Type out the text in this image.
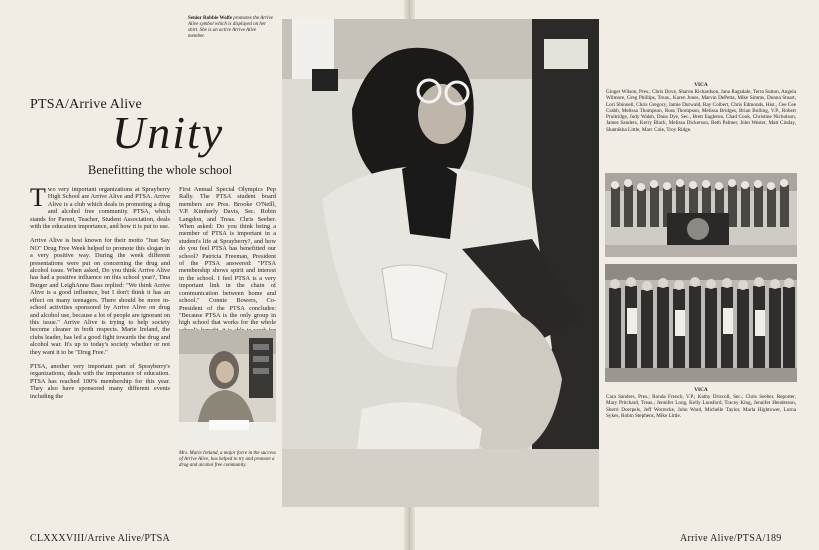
PTSA/Arrive Alive
Unity
Benefitting the whole school

Two very important organizations at Sprayberry High School are Arrive Alive and PTSA. Arrive Alive is a club which deals in promoting a drug and alcohol free community. PTSA, which stands for Parent, Teacher, Student Association, deals with the education importance, and how it is put to use.

Arrive Alive is best known for their motto "Just Say NO" Drug Free Week helped to promote this slogan in a very positive way. During the week different presentations were put on concerning the drug and alcohol issue. When asked, Do you think Arrive Alive has had a positive influence on this school year?, Tina Burger and LeighAnne Bass replied: "We think Arrive Alive is a good influence, but I don't think it has an effect on many teenagers. There should be more in-school activities sponsored by Arrive Alive on drug and alcohol use, because a lot of people are ignorant on this issue." Arrive Alive is trying to help society become cleaner in both respects. Marie Ireland, the clubs leader, has led a good fight towards the drug and alcohol war. It's up to today's society whether or not they want it to be "Drug Free."

PTSA, another very important part of Sprayberry's organizations, deals with the importance of education. PTSA has reached 100% membership for this year. They also have sponsored many different events including the

First Annual Special Olympics Pep Rally. The PTSA student board members are Pres. Brooke O'Neill, V.P. Kimberly Davis, Sec. Robin Langdon, and Treas. Chris Seeber. When asked: Do you think being a member of PTSA is important in a student's life at Sprayberry?, and how do you feel PTSA has benefitted our school? Patricia Freeman, President of the PTSA answered: "PTSA membership shows spirit and interest in the school. I feel PTSA is a very important link in the chain of communication between home and school." Connie Bowers, Co-President of the PTSA concludes: "Because PTSA is the only group in high school that works for the whole

Mrs. Marie Ireland, a major force in the success of Arrive Alive, has helped to try and promote a drug and alcohol free community.
CLXXXVIII/Arrive Alive/PTSA
Senior Robbie Wolfe promotes the Arrive Alive symbol which is displayed on her shirt. She is an active Arrive Alive member.
VICA
Ginger Wilson, Pres.; Chris Dove, Sharon Richardson, Jana Ragsdale, Terra Sutton, Angela Wilmore, Greg Phillips, Treas., Karen Jones, Marvin DePetta, Mike Simms, Donna Stuart, Lori Shinnell, Chris Gregory, Jamie Durwald, Ray Colbert, Chris Edmonds, Hist., Cee Cee Crabb, Melissa Thompson, Russ Thompson, Melissa Bridges, Brian Bolling, V.P., Robert Pruitridge, Judy Walsh, Dana Dye, Sec., Brett Eagleton, Chad Cook, Christine Nicholson, James Sanders, Kerry Black, Melissa Dickerson, Beth Palmer, John Wester, Matt Cinday, Shamikha Little, Marc Cole, Troy Ridge.
VICA
Cara Sanders, Pres.; Ronda French, V.P.; Kathy Driscoll, Sec.; Chris Seeber, Reporter, Mary Pritchard, Treas.; Jennifer Long, Kelly Lunsford, Tracey King, Jennifer Henderson, Sherri Doerpels, Jeff Worrecke, John Ward, Michelle Taylor, Marla Hightower, Lorna Sykes, Robin Stephens, Mike Little.
Arrive Alive/PTSA/189
